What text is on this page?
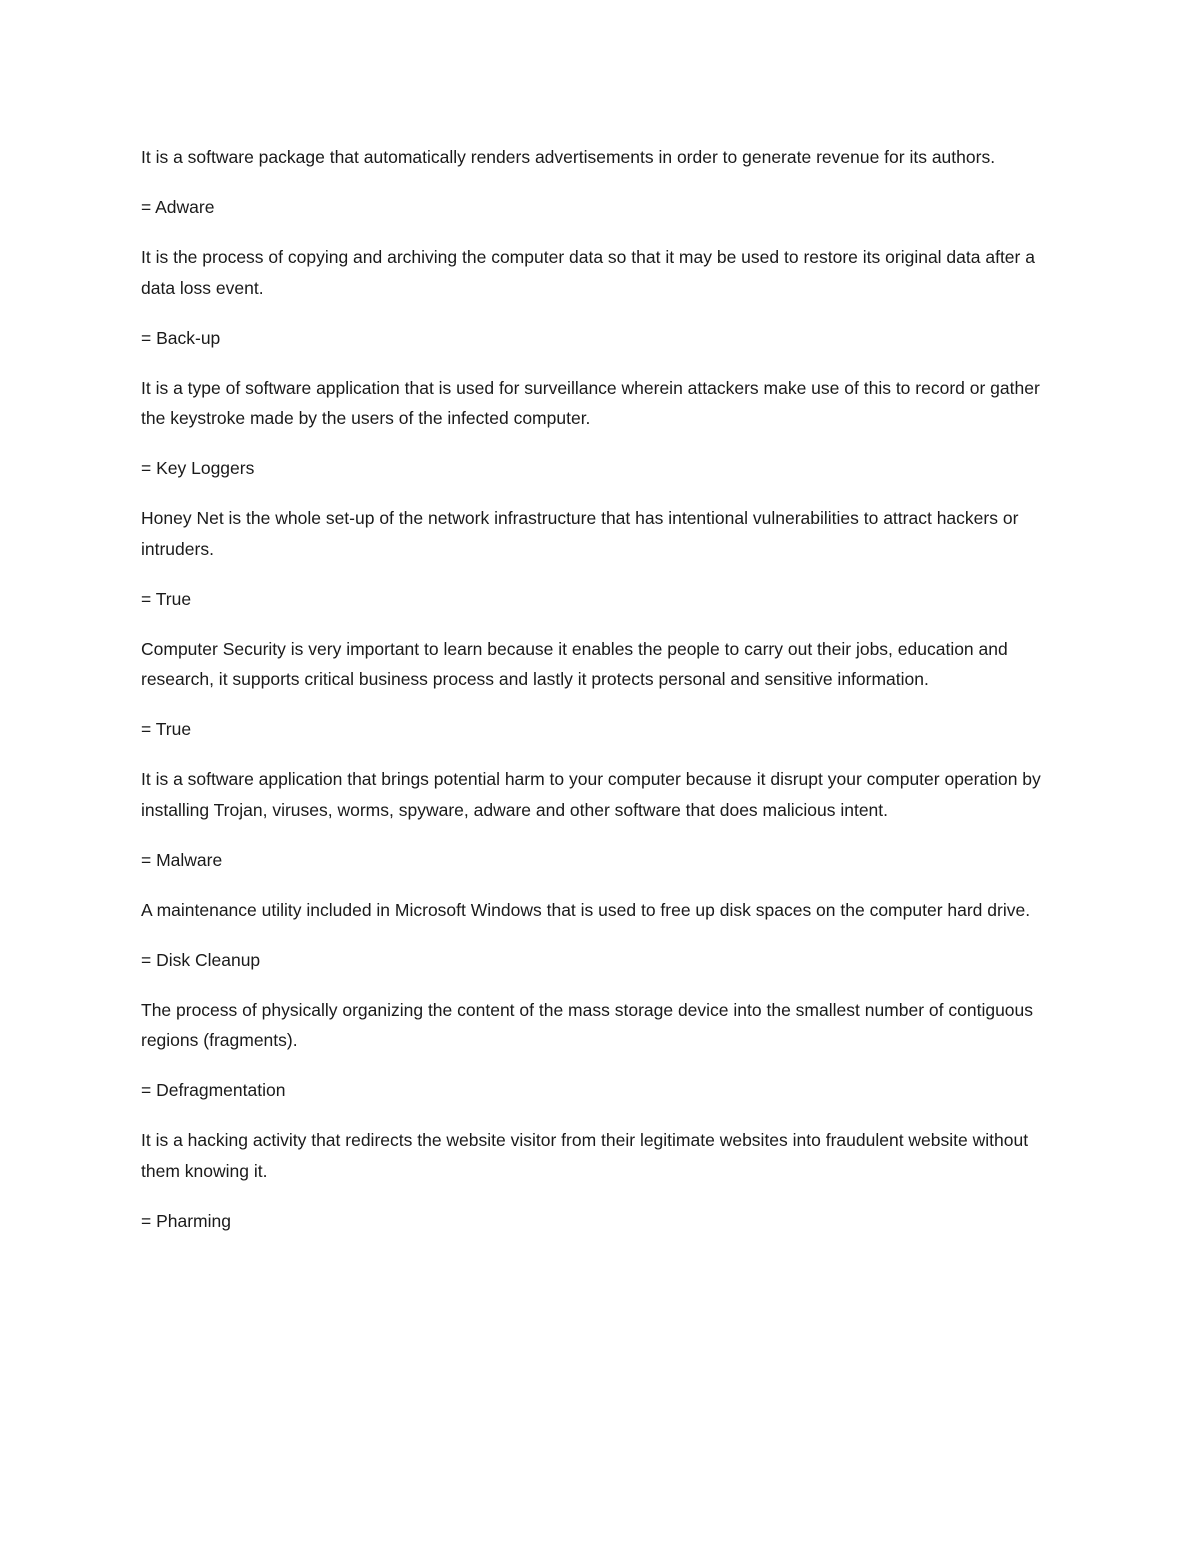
It is a software package that automatically renders advertisements in order to generate revenue for its authors.

= Adware

It is the process of copying and archiving the computer data so that it may be used to restore its original data after a data loss event.

= Back-up

It is a type of software application that is used for surveillance wherein attackers make use of this to record or gather the keystroke made by the users of the infected computer.

= Key Loggers

Honey Net is the whole set-up of the network infrastructure that has intentional vulnerabilities to attract hackers or intruders.

= True

Computer Security is very important to learn because it enables the people to carry out their jobs, education and research, it supports critical business process and lastly it protects personal and sensitive information.

= True

It is a software application that brings potential harm to your computer because it disrupt your computer operation by installing Trojan, viruses, worms, spyware, adware and other software that does malicious intent.

= Malware

A maintenance utility included in Microsoft Windows that is used to free up disk spaces on the computer hard drive.

= Disk Cleanup

The process of physically organizing the content of the mass storage device into the smallest number of contiguous regions (fragments).

= Defragmentation

It is a hacking activity that redirects the website visitor from their legitimate websites into fraudulent website without them knowing it.

= Pharming
